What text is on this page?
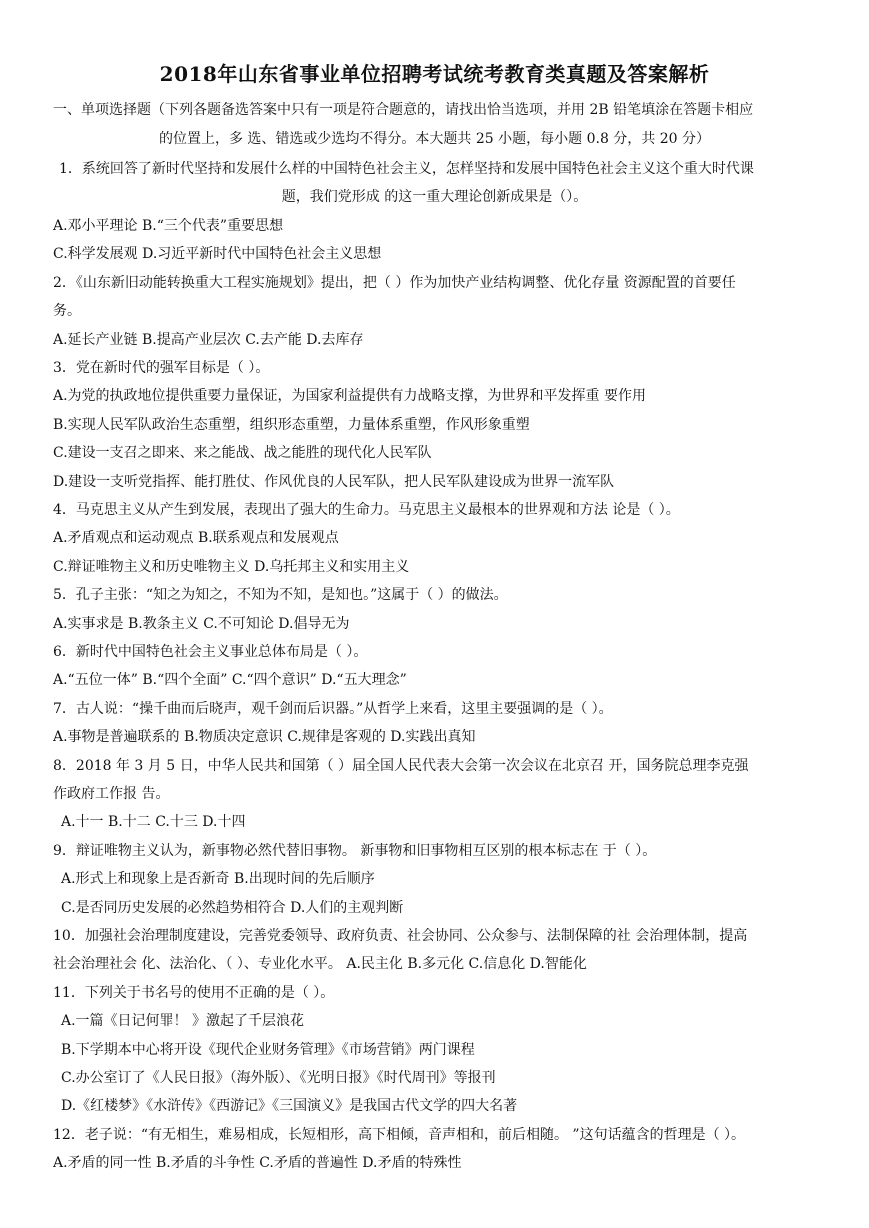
2018年山东省事业单位招聘考试统考教育类真题及答案解析
一、单项选择题（下列各题备选答案中只有一项是符合题意的，请找出恰当选项，并用 2B 铅笔填涂在答题卡相应
的位置上，多 选、错选或少选均不得分。本大题共 25 小题，每小题 0.8 分，共 20 分）
1．系统回答了新时代坚持和发展什么样的中国特色社会主义，怎样坚持和发展中国特色社会主义这个重大时代课
题，我们党形成 的这一重大理论创新成果是（）。
A.邓小平理论 B.“三个代表”重要思想
C.科学发展观 D.习近平新时代中国特色社会主义思想
2．《山东新旧动能转换重大工程实施规划》提出，把（ ）作为加快产业结构调整、优化存量 资源配置的首要任
务。
A.延长产业链 B.提高产业层次 C.去产能 D.去库存
3．党在新时代的强军目标是（ ）。
A.为党的执政地位提供重要力量保证，为国家利益提供有力战略支撑，为世界和平发挥重 要作用
B.实现人民军队政治生态重塑，组织形态重塑，力量体系重塑，作风形象重塑
C.建设一支召之即来、来之能战、战之能胜的现代化人民军队
D.建设一支听党指挥、能打胜仗、作风优良的人民军队，把人民军队建设成为世界一流军队
4．马克思主义从产生到发展，表现出了强大的生命力。马克思主义最根本的世界观和方法 论是（ ）。
A.矛盾观点和运动观点 B.联系观点和发展观点
C.辩证唯物主义和历史唯物主义 D.乌托邦主义和实用主义
5．孔子主张：“知之为知之，不知为不知，是知也。”这属于（ ）的做法。
A.实事求是 B.教条主义 C.不可知论 D.倡导无为
6．新时代中国特色社会主义事业总体布局是（ ）。
A.“五位一体” B.“四个全面” C.“四个意识” D.“五大理念”
7．古人说：“操千曲而后晓声，观千剑而后识器。”从哲学上来看，这里主要强调的是（ ）。
A.事物是普遍联系的 B.物质决定意识 C.规律是客观的 D.实践出真知
8．2018 年 3 月 5 日，中华人民共和国第（ ）届全国人民代表大会第一次会议在北京召 开，国务院总理李克强
作政府工作报 告。
A.十一 B.十二 C.十三 D.十四
9．辩证唯物主义认为，新事物必然代替旧事物。 新事物和旧事物相互区别的根本标志在 于（ ）。
A.形式上和现象上是否新奇 B.出现时间的先后顺序
C.是否同历史发展的必然趋势相符合 D.人们的主观判断
10．加强社会治理制度建设，完善党委领导、政府负责、社会协同、公众参与、法制保障的社 会治理体制，提高
社会治理社会 化、法治化、（ ）、专业化水平。 A.民主化 B.多元化 C.信息化 D.智能化
11．下列关于书名号的使用不正确的是（ ）。
A.一篇《日记何罪！ 》激起了千层浪花
B.下学期本中心将开设《现代企业财务管理》《市场营销》两门课程
C.办公室订了《人民日报》（海外版）、《光明日报》《时代周刊》等报刊
D.《红楼梦》《水浒传》《西游记》《三国演义》是我国古代文学的四大名著
12．老子说：“有无相生，难易相成，长短相形，高下相倾，音声相和，前后相随。 ”这句话蕴含的哲理是（ ）。
A.矛盾的同一性 B.矛盾的斗争性 C.矛盾的普遍性 D.矛盾的特殊性
